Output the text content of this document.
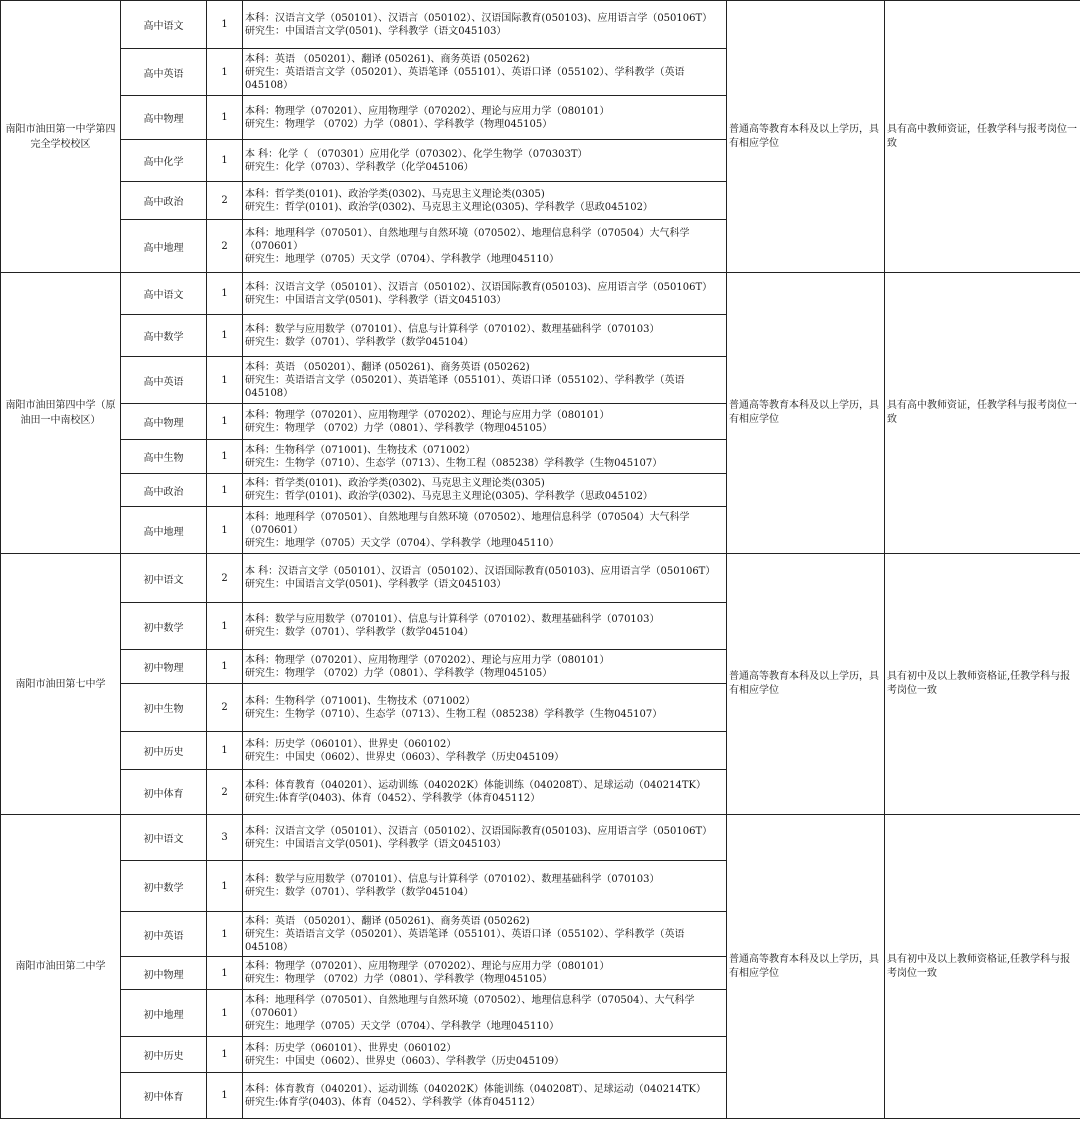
南阳市油田第一中学第四完全学校校区	高中语文	1	本科：汉语言文学（050101）、汉语言（050102）、汉语国际教育(050103)、应用语言学（050106T）
研究生：中国语言文学(0501)、学科教学（语文045103）	普通高等教育本科及以上学历，具有相应学位	具有高中教师资证，任教学科与报考岗位一致
	高中英语	1	本科：英语 （050201）、翻译 (050261)、商务英语 (050262)
研究生：英语语言文学（050201）、英语笔译（055101）、英语口译（055102）、学科教学（英语045108）		

	高中物理	1	本科：物理学（070201）、应用物理学（070202）、理论与应用力学（080101）
研究生：物理学 （0702）力学（0801）、学科教学（物理045105）		

	高中化学	1	本 科：化学（ （070301）应用化学（070302）、化学生物学（070303T）
研究生：化学（0703）、学科教学（化学045106）		

	高中政治	2	本科：哲学类(0101)、政治学类(0302)、马克思主义理论类(0305)
研究生：哲学(0101)、政治学(0302)、马克思主义理论(0305)、学科教学（思政045102）		

	高中地理	2	本科：地理科学（070501）、自然地理与自然环境（070502）、地理信息科学（070504）大气科学（070601）
研究生：地理学（0705）天文学（0704）、学科教学（地理045110）		

南阳市油田第四中学（原油田一中南校区）	高中语文	1	本科：汉语言文学（050101）、汉语言（050102）、汉语国际教育(050103)、应用语言学（050106T）
研究生：中国语言文学(0501)、学科教学（语文045103）	普通高等教育本科及以上学历，具有相应学位	具有高中教师资证，任教学科与报考岗位一致
	高中数学	1	本科：数学与应用数学（070101）、信息与计算科学（070102）、数理基础科学（070103）
研究生：数学（0701）、学科教学（数学045104）		

	高中英语	1	本科：英语 （050201）、翻译 (050261)、商务英语 (050262)
研究生：英语语言文学（050201）、英语笔译（055101）、英语口译（055102）、学科教学（英语045108）		

	高中物理	1	本科：物理学（070201）、应用物理学（070202）、理论与应用力学（080101）
研究生：物理学 （0702）力学（0801）、学科教学（物理045105）		

	高中生物	1	本科：生物科学（071001)、生物技术（071002）
研究生：生物学（0710）、生态学（0713）、生物工程（085238）学科教学（生物045107）		

	高中政治	1	本科：哲学类(0101)、政治学类(0302)、马克思主义理论类(0305)
研究生：哲学(0101)、政治学(0302)、马克思主义理论(0305)、学科教学（思政045102）		

	高中地理	1	本科：地理科学（070501）、自然地理与自然环境（070502）、地理信息科学（070504）大气科学（070601）
研究生：地理学（0705）天文学（0704）、学科教学（地理045110）		

南阳市油田第七中学	初中语文	2	本 科：汉语言文学（050101）、汉语言（050102）、汉语国际教育(050103)、应用语言学（050106T）
研究生：中国语言文学(0501)、学科教学（语文045103）	普通高等教育本科及以上学历，具有相应学位	具有初中及以上教师资格证,任教学科与报考岗位一致
	初中数学	1	本科：数学与应用数学（070101）、信息与计算科学（070102）、数理基础科学（070103）
研究生：数学（0701）、学科教学（数学045104）		

	初中物理	1	本科：物理学（070201）、应用物理学（070202）、理论与应用力学（080101）
研究生：物理学 （0702）力学（0801）、学科教学（物理045105）		

	初中生物	2	本科：生物科学（071001)、生物技术（071002）
研究生：生物学（0710）、生态学（0713）、生物工程（085238）学科教学（生物045107）		

	初中历史	1	本科：历史学（060101）、世界史（060102）
研究生：中国史（0602）、世界史（0603）、学科教学（历史045109）		

	初中体育	2	本科：体育教育（040201）、运动训练（040202K）体能训练（040208T）、足球运动（040214TK）
研究生:体育学(0403)、体育（0452）、学科教学（体育045112）		

南阳市油田第二中学	初中语文	3	本科：汉语言文学（050101）、汉语言（050102）、汉语国际教育(050103)、应用语言学（050106T）
研究生：中国语言文学(0501)、学科教学（语文045103）	普通高等教育本科及以上学历，具有相应学位	具有初中及以上教师资格证,任教学科与报考岗位一致
	初中数学	1	本科：数学与应用数学（070101）、信息与计算科学（070102）、数理基础科学（070103）
研究生：数学（0701）、学科教学（数学045104）		

	初中英语	1	本科：英语 （050201）、翻译 (050261)、商务英语 (050262)
研究生：英语语言文学（050201）、英语笔译（055101）、英语口译（055102）、学科教学（英语045108）		

	初中物理	1	本科：物理学（070201）、应用物理学（070202）、理论与应用力学（080101）
研究生：物理学 （0702）力学（0801）、学科教学（物理045105）		

	初中地理	1	本科：地理科学（070501）、自然地理与自然环境（070502）、地理信息科学（070504）、大气科学（070601）
研究生：地理学（0705）天文学（0704）、学科教学（地理045110）		

	初中历史	1	本科：历史学（060101）、世界史（060102）
研究生：中国史（0602）、世界史（0603）、学科教学（历史045109）		

	初中体育	1	本科：体育教育（040201）、运动训练（040202K）体能训练（040208T）、足球运动（040214TK）
研究生:体育学(0403)、体育（0452）、学科教学（体育045112）		
